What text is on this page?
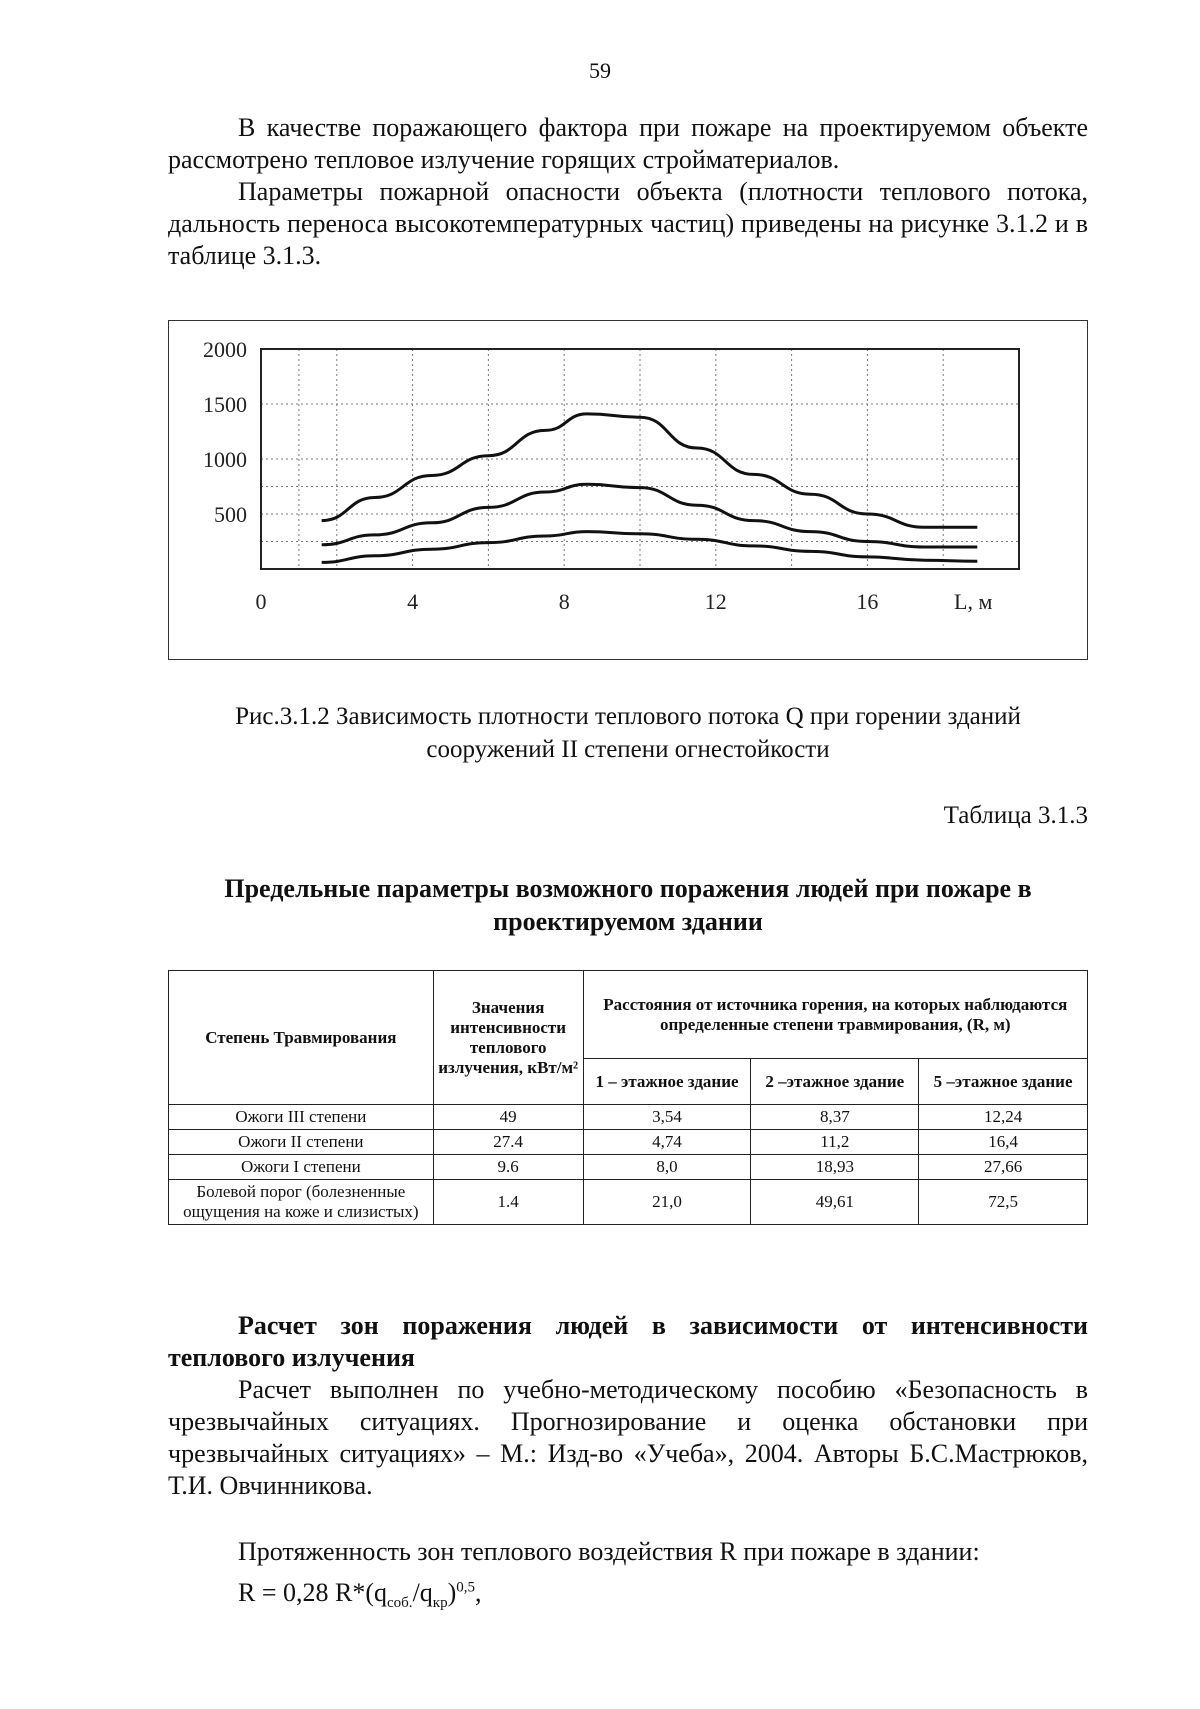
59

В качестве поражающего фактора при пожаре на проектируемом объекте рассмотрено тепловое излучение горящих стройматериалов.

Параметры пожарной опасности объекта (плотности теплового потока, дальность переноса высокотемпературных частиц) приведены на рисунке 3.1.2 и в таблице 3.1.3.

2000
1500
1000
500
0	4	8	12	16	L, м

Рис.3.1.2 Зависимость плотности теплового потока Q при горении зданий сооружений II степени огнестойкости

Таблица 3.1.3

Предельные параметры возможного поражения людей при пожаре в проектируемом здании

Степень Травмирования	Значения интенсивности теплового излучения, кВт/м²	Расстояния от источника горения, на которых наблюдаются определенные степени травмирования, (R, м)		
		1 – этажное здание	2 –этажное здание	5 –этажное здание
Ожоги III степени	49	3,54	8,37	12,24
Ожоги II степени	27.4	4,74	11,2	16,4
Ожоги I степени	9.6	8,0	18,93	27,66
Болевой порог (болезненные ощущения на коже и слизистых)	1.4	21,0	49,61	72,5

Расчет зон поражения людей в зависимости от интенсивности теплового излучения

Расчет выполнен по учебно-методическому пособию «Безопасность в чрезвычайных ситуациях. Прогнозирование и оценка обстановки при чрезвычайных ситуациях» – М.: Изд-во «Учеба», 2004. Авторы Б.С.Мастрюков, Т.И. Овчинникова.

Протяженность зон теплового воздействия R при пожаре в здании:

R = 0,28 $R*(q_{соб.}/q_{кр})^{0,5}$,
